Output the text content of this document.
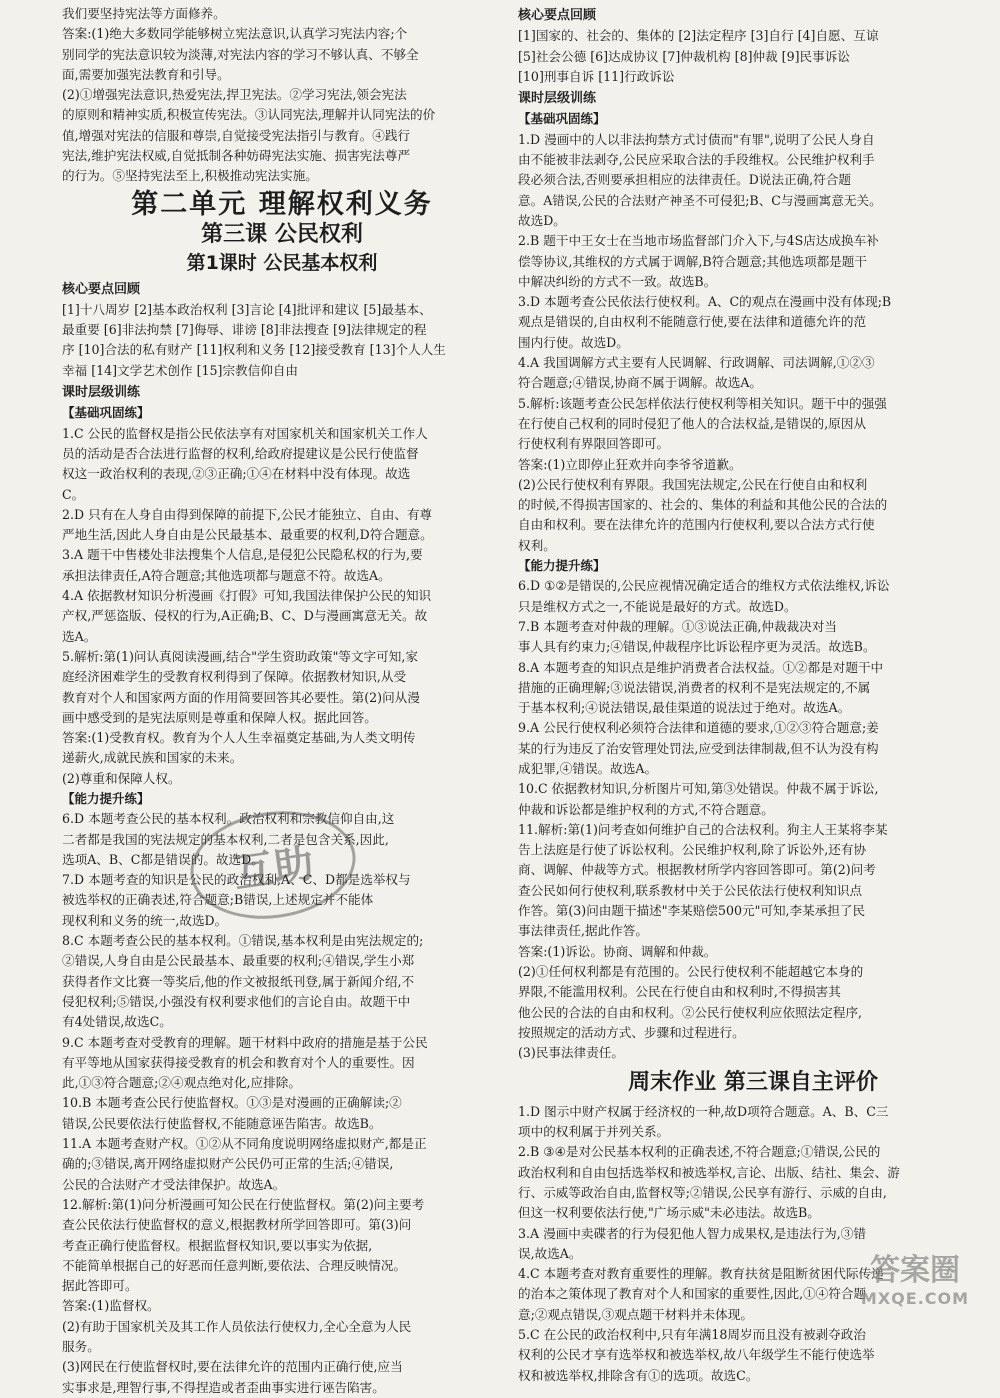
我们要坚持宪法等方面修养。
答案:(1)绝大多数同学能够树立宪法意识,认真学习宪法内容;个
别同学的宪法意识较为淡薄,对宪法内容的学习不够认真、不够全
面,需要加强宪法教育和引导。
(2)①增强宪法意识,热爱宪法,捍卫宪法。②学习宪法,领会宪法
的原则和精神实质,积极宣传宪法。③认同宪法,理解并认同宪法的价
值,增强对宪法的信服和尊崇,自觉接受宪法指引与教育。④践行
宪法,维护宪法权威,自觉抵制各种妨碍宪法实施、损害宪法尊严
的行为。⑤坚持宪法至上,积极推动宪法实施。
第二单元 理解权利义务
第三课 公民权利
第1课时 公民基本权利
核心要点回顾
[1]十八周岁 [2]基本政治权利 [3]言论 [4]批评和建议 [5]最基本、
最重要 [6]非法拘禁 [7]侮辱、诽谤 [8]非法搜查 [9]法律规定的程
序 [10]合法的私有财产 [11]权利和义务 [12]接受教育 [13]个人人生
幸福 [14]文学艺术创作 [15]宗教信仰自由
课时层级训练
【基础巩固练】
1.C 公民的监督权是指公民依法享有对国家机关和国家机关工作人
员的活动是否合法进行监督的权利,给政府提建议是公民行使监督
权这一政治权利的表现,②③正确;①④在材料中没有体现。故选
C。
2.D 只有在人身自由得到保障的前提下,公民才能独立、自由、有尊
严地生活,因此人身自由是公民最基本、最重要的权利,D符合题意。
3.A 题干中售楼处非法搜集个人信息,是侵犯公民隐私权的行为,要
承担法律责任,A符合题意;其他选项都与题意不符。故选A。
4.A 依据教材知识分析漫画《打假》可知,我国法律保护公民的知识
产权,严惩盗版、侵权的行为,A正确;B、C、D与漫画寓意无关。故
选A。
5.解析:第(1)问认真阅读漫画,结合"学生资助政策"等文字可知,家
庭经济困难学生的受教育权利得到了保障。依据教材知识,从受
教育对个人和国家两方面的作用简要回答其必要性。第(2)问从漫
画中感受到的是宪法原则是尊重和保障人权。据此回答。
答案:(1)受教育权。教育为个人人生幸福奠定基础,为人类文明传
递薪火,成就民族和国家的未来。
(2)尊重和保障人权。
【能力提升练】
6.D 本题考查公民的基本权利。政治权利和宗教信仰自由,这
二者都是我国的宪法规定的基本权利,二者是包含关系,因此,
选项A、B、C都是错误的。故选D。
7.D 本题考查的知识是公民的政治权利,A、C、D都是选举权与
被选举权的正确表述,符合题意;B错误,上述规定并不能体
现权利和义务的统一,故选D。
8.C 本题考查公民的基本权利。①错误,基本权利是由宪法规定的;
②错误,人身自由是公民最基本、最重要的权利;④错误,学生小郑
获得者作文比赛一等奖后,他的作文被报纸刊登,属于新闻介绍,不
侵犯权利;⑤错误,小强没有权利要求他们的言论自由。故题干中
有4处错误,故选C。
9.C 本题考查对受教育的理解。题干材料中政府的措施是基于公民
有平等地从国家获得接受教育的机会和教育对个人的重要性。因
此,①③符合题意;②④观点绝对化,应排除。
10.B 本题考查公民行使监督权。①③是对漫画的正确解读;②
错误,公民要依法行使监督权,不能随意诬告陷害。故选B。
11.A 本题考查财产权。①②从不同角度说明网络虚拟财产,都是正
确的;③错误,离开网络虚拟财产公民仍可正常的生活;④错误,
公民的合法财产才受法律保护。故选A。
12.解析:第(1)问分析漫画可知公民在行使监督权。第(2)问主要考
查公民依法行使监督权的意义,根据教材所学回答即可。第(3)问
考查正确行使监督权。根据监督权知识,要以事实为依据,
不能简单根据自己的好恶而任意判断,要依法、合理反映情况。
据此答即可。
答案:(1)监督权。
(2)有助于国家机关及其工作人员依法行使权力,全心全意为人民
服务。
(3)网民在行使监督权时,要在法律允许的范围内正确行使,应当
实事求是,理智行事,不得捏造或者歪曲事实进行诬告陷害。
核心要点回顾
[1]国家的、社会的、集体的 [2]法定程序 [3]自行 [4]自愿、互谅
[5]社会公德 [6]达成协议 [7]仲裁机构 [8]仲裁 [9]民事诉讼
[10]刑事自诉 [11]行政诉讼
课时层级训练
【基础巩固练】
1.D 漫画中的人以非法拘禁方式讨债而"有罪",说明了公民人身自
由不能被非法剥夺,公民应采取合法的手段维权。公民维护权利手
段必须合法,否则要承担相应的法律责任。D说法正确,符合题
意。A错误,公民的合法财产神圣不可侵犯;B、C与漫画寓意无关。
故选D。
2.B 题干中王女士在当地市场监督部门介入下,与4S店达成换车补
偿等协议,其维权的方式属于调解,B符合题意;其他选项都是题干
中解决纠纷的方式不一致。故选B。
3.D 本题考查公民依法行使权利。A、C的观点在漫画中没有体现;B
观点是错误的,自由权利不能随意行使,要在法律和道德允许的范
围内行使。故选D。
4.A 我国调解方式主要有人民调解、行政调解、司法调解,①②③
符合题意;④错误,协商不属于调解。故选A。
5.解析:该题考查公民怎样依法行使权利等相关知识。题干中的强强
在行使自己权利的同时侵犯了他人的合法权益,是错误的,原因从
行使权利有界限回答即可。
答案:(1)立即停止狂欢并向李爷爷道歉。
(2)公民行使权利有界限。我国宪法规定,公民在行使自由和权利
的时候,不得损害国家的、社会的、集体的利益和其他公民的合法的
自由和权利。要在法律允许的范围内行使权利,要以合法方式行使
权利。
【能力提升练】
6.D ①②是错误的,公民应视情况确定适合的维权方式依法维权,诉讼
只是维权方式之一,不能说是最好的方式。故选D。
7.B 本题考查对仲裁的理解。①③说法正确,仲裁裁决对当
事人具有约束力;④错误,仲裁程序比诉讼程序更为灵活。故选B。
8.A 本题考查的知识点是维护消费者合法权益。①②都是对题干中
措施的正确理解;③说法错误,消费者的权利不是宪法规定的,不属
于基本权利;④说法错误,最佳渠道的说法过于绝对。故选A。
9.A 公民行使权利必须符合法律和道德的要求,①②③符合题意;姜
某的行为违反了治安管理处罚法,应受到法律制裁,但不认为没有构
成犯罪,④错误。故选A。
10.C 依据教材知识,分析图片可知,第③处错误。仲裁不属于诉讼,
仲裁和诉讼都是维护权利的方式,不符合题意。
11.解析:第(1)问考查如何维护自己的合法权利。狗主人王某将李某
告上法庭是行使了诉讼权利。公民维护权利,除了诉讼外,还有协
商、调解、仲裁等方式。根据教材所学内容回答即可。第(2)问考
查公民如何行使权利,联系教材中关于公民依法行使权利知识点
作答。第(3)问由题干描述"李某赔偿500元"可知,李某承担了民
事法律责任,据此作答。
答案:(1)诉讼。协商、调解和仲裁。
(2)①任何权利都是有范围的。公民行使权利不能超越它本身的
界限,不能滥用权利。公民在行使自由和权利时,不得损害其
他公民的合法的自由和权利。②公民行使权利应依照法定程序,
按照规定的活动方式、步骤和过程进行。
(3)民事法律责任。
周末作业 第三课自主评价
1.D 图示中财产权属于经济权的一种,故D项符合题意。A、B、C三
项中的权利属于并列关系。
2.B ③④是对公民基本权利的正确表述,不符合题意;①错误,公民的
政治权利和自由包括选举权和被选举权,言论、出版、结社、集会、游
行、示威等政治自由,监督权等;②错误,公民享有游行、示威的自由,
但这一权利要依法行使,"广场示威"未必违法。故选B。
3.A 漫画中卖碟者的行为侵犯他人智力成果权,是违法行为,③错
误,故选A。
4.C 本题考查对教育重要性的理解。教育扶贫是阻断贫困代际传递
的治本之策体现了教育对个人和国家的重要性,因此,①④符合题
意;②观点错误,③观点题干材料并未体现。
5.C 在公民的政治权利中,只有年满18周岁而且没有被剥夺政治
权利的公民才享有选举权和被选举权,故八年级学生不能行使选举
权和被选举权,排除含有①的选项。故选C。
互助
答案圈
MXQE.COM
